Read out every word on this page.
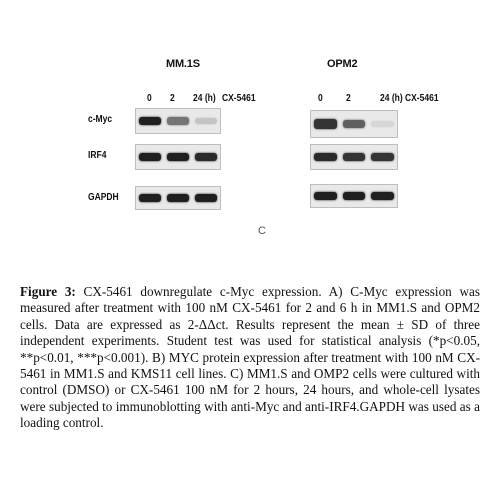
MM.1S
0 2 24 (h) CX-5461
OPM2
0 2	24 (h) CX-5461
c-Myc
IRF4
GAPDH
C
Figure 3: CX-5461 downregulate c-Myc expression. A) C-Myc expression was measured after treatment with 100 nM CX-5461 for 2 and 6 h in MM1.S and OPM2 cells. Data are expressed as 2-ΔΔct. Results represent the mean ± SD of three independent experiments. Student test was used for statistical analysis (*p<0.05, **p<0.01, ***p<0.001). B) MYC protein expression after treatment with 100 nM CX-5461 in MM1.S and KMS11 cell lines. C) MM1.S and OMP2 cells were cultured with control (DMSO) or CX-5461 100 nM for 2 hours, 24 hours, and whole-cell lysates were subjected to immunoblotting with anti-Myc and anti-IRF4.GAPDH was used as a loading control.
